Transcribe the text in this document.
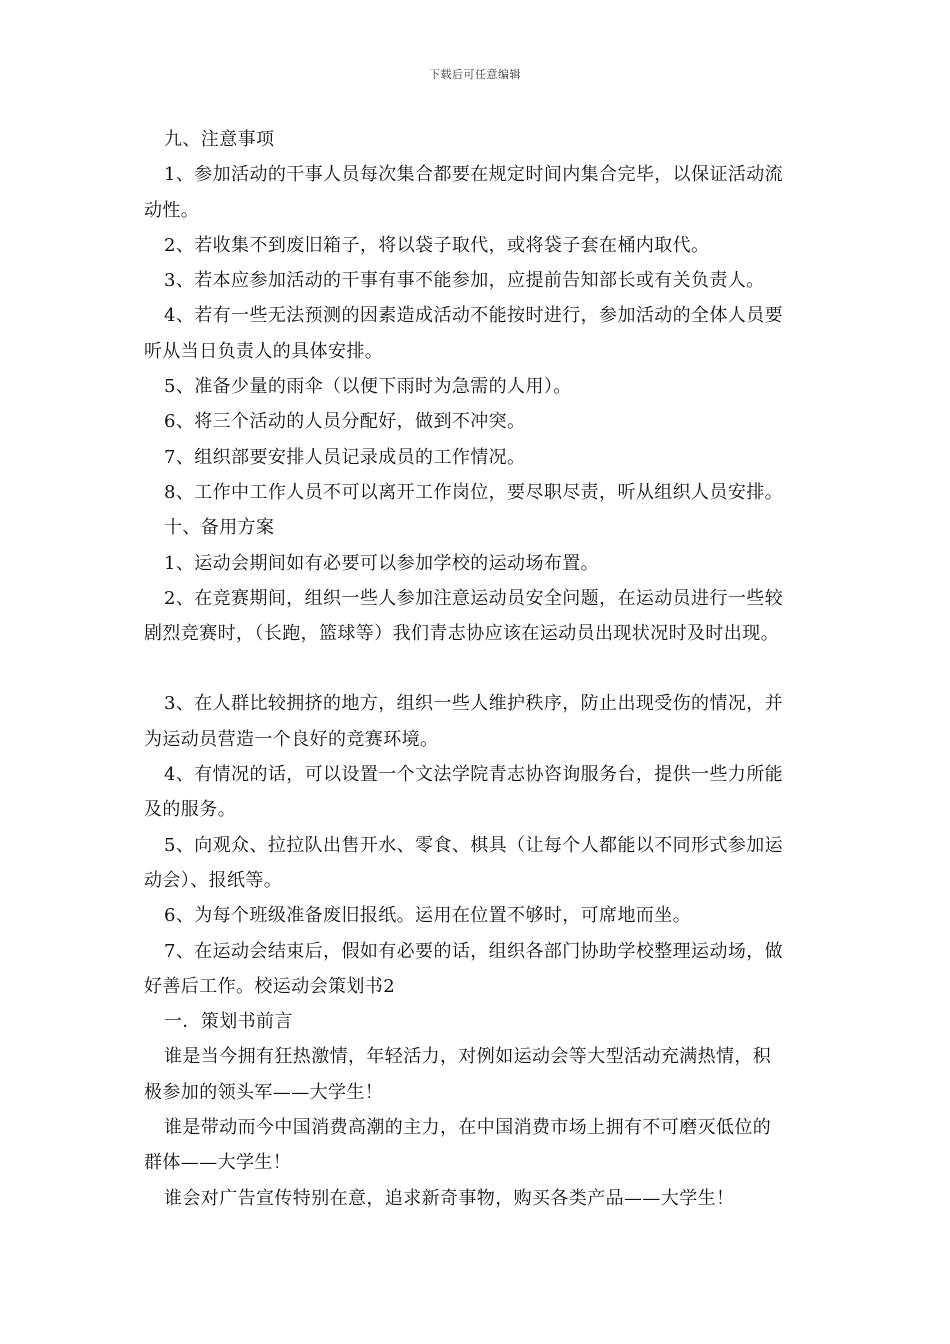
下载后可任意编辑
九、注意事项
1、参加活动的干事人员每次集合都要在规定时间内集合完毕，以保证活动流
动性。
2、若收集不到废旧箱子，将以袋子取代，或将袋子套在桶内取代。
3、若本应参加活动的干事有事不能参加，应提前告知部长或有关负责人。
4、若有一些无法预测的因素造成活动不能按时进行，参加活动的全体人员要
听从当日负责人的具体安排。
5、准备少量的雨伞（以便下雨时为急需的人用）。
6、将三个活动的人员分配好，做到不冲突。
7、组织部要安排人员记录成员的工作情况。
8、工作中工作人员不可以离开工作岗位，要尽职尽责，听从组织人员安排。
十、备用方案
1、运动会期间如有必要可以参加学校的运动场布置。
2、在竞赛期间，组织一些人参加注意运动员安全问题，在运动员进行一些较
剧烈竞赛时，（长跑，篮球等）我们青志协应该在运动员出现状况时及时出现。
3、在人群比较拥挤的地方，组织一些人维护秩序，防止出现受伤的情况，并
为运动员营造一个良好的竞赛环境。
4、有情况的话，可以设置一个文法学院青志协咨询服务台，提供一些力所能
及的服务。
5、向观众、拉拉队出售开水、零食、棋具（让每个人都能以不同形式参加运
动会）、报纸等。
6、为每个班级准备废旧报纸。运用在位置不够时，可席地而坐。
7、在运动会结束后，假如有必要的话，组织各部门协助学校整理运动场，做
好善后工作。校运动会策划书2
一．策划书前言
谁是当今拥有狂热激情，年轻活力，对例如运动会等大型活动充满热情，积
极参加的领头军——大学生！
谁是带动而今中国消费高潮的主力，在中国消费市场上拥有不可磨灭低位的
群体——大学生！
谁会对广告宣传特别在意，追求新奇事物，购买各类产品——大学生！
